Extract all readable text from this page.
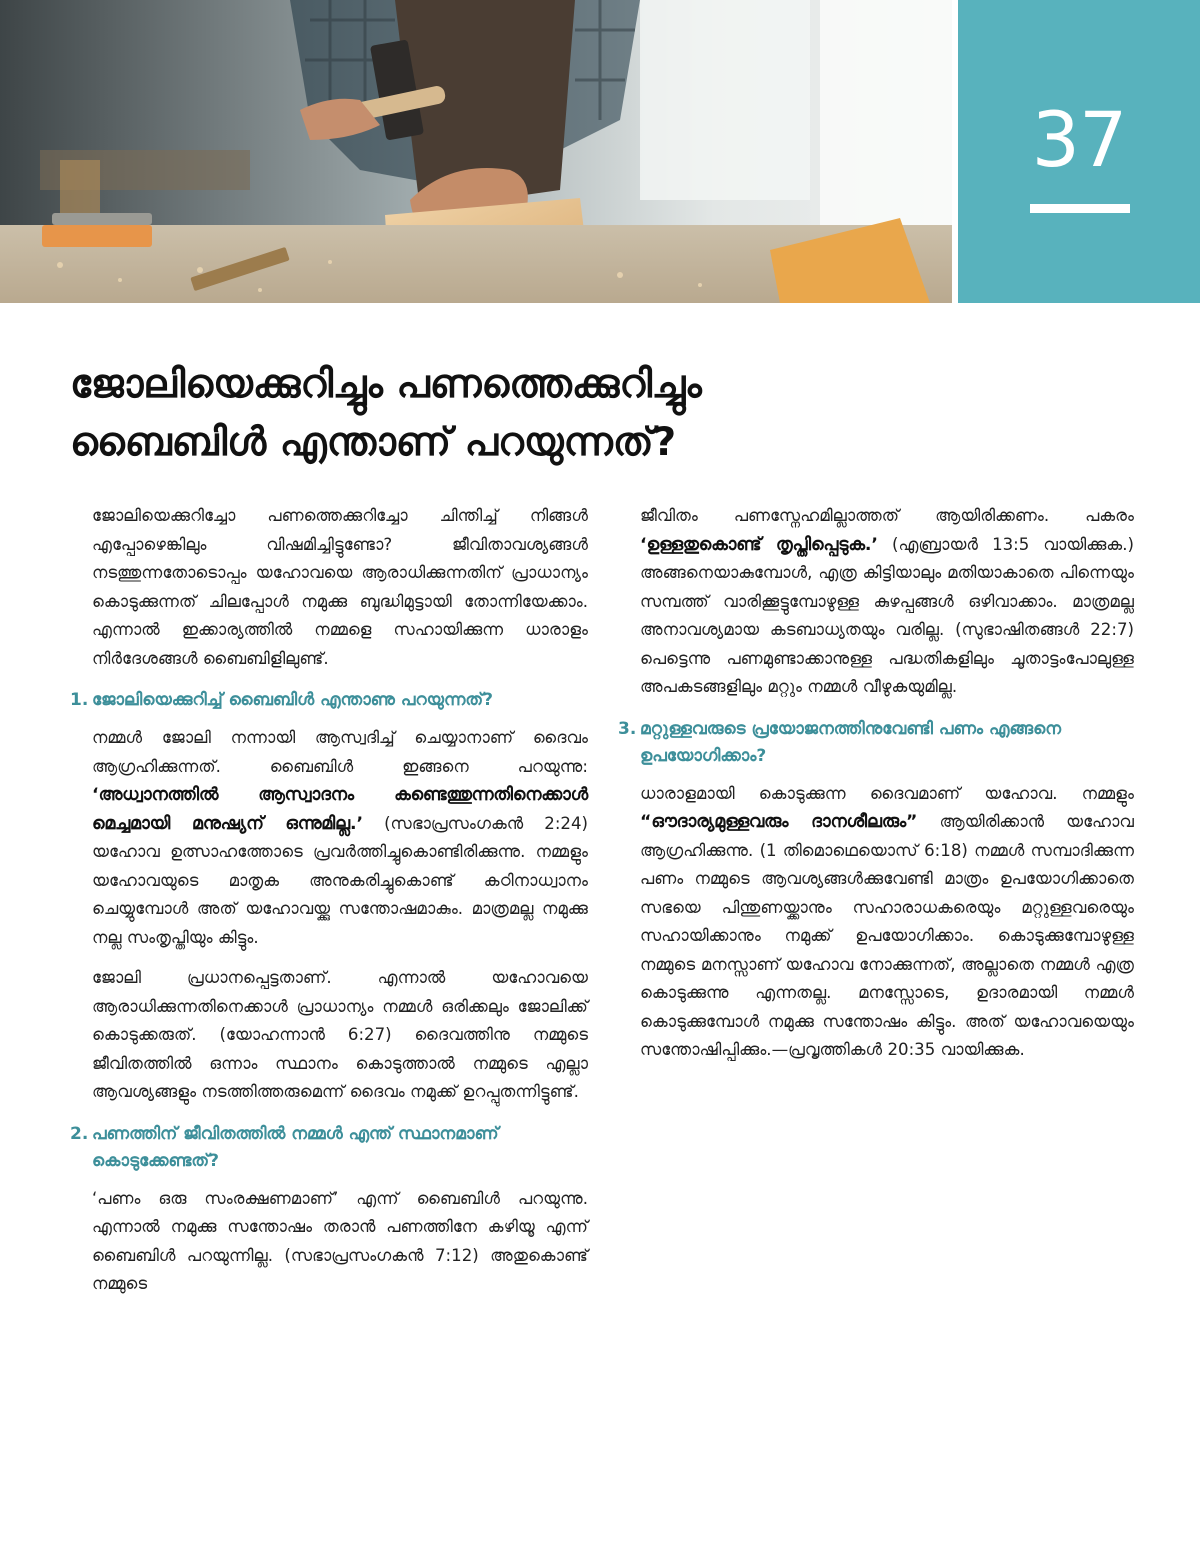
37
ജോലിയെക്കുറിച്ചും പണത്തെക്കുറിച്ചും
ബൈബിൾ എന്താണ് പറയുന്നത്?

ജോലിയെക്കുറിച്ചോ പണത്തെക്കുറിച്ചോ ചിന്തിച്ച് നിങ്ങൾ എപ്പോഴെങ്കിലും വിഷമിച്ചിട്ടുണ്ടോ? ജീവിതാവശ്യങ്ങൾ നടത്തുന്നതോടൊപ്പം യഹോവയെ ആരാധിക്കുന്നതിന് പ്രാധാന്യം കൊടുക്കുന്നത് ചിലപ്പോൾ നമുക്കു ബുദ്ധിമുട്ടായി തോന്നിയേക്കാം. എന്നാൽ ഇക്കാര്യത്തിൽ നമ്മളെ സഹായിക്കുന്ന ധാരാളം നിർദേശങ്ങൾ ബൈബിളിലുണ്ട്.

1. ജോലിയെക്കുറിച്ച് ബൈബിൾ എന്താണു പറയുന്നത്?

നമ്മൾ ജോലി നന്നായി ആസ്വദിച്ച് ചെയ്യാനാണ് ദൈവം ആഗ്രഹിക്കുന്നത്. ബൈബിൾ ഇങ്ങനെ പറയുന്നു: ‘അധ്വാനത്തിൽ ആസ്വാദനം കണ്ടെത്തുന്നതിനെക്കാൾ മെച്ചമായി മനുഷ്യന് ഒന്നുമില്ല.’ (സഭാപ്രസംഗകൻ 2:24) യഹോവ ഉത്സാഹത്തോടെ പ്രവർത്തിച്ചുകൊണ്ടിരിക്കുന്നു. നമ്മളും യഹോവയുടെ മാതൃക അനുകരിച്ചുകൊണ്ട് കഠിനാധ്വാനം ചെയ്യുമ്പോൾ അത് യഹോവയ്ക്കു സന്തോഷമാകും. മാത്രമല്ല നമുക്കു നല്ല സംതൃപ്തിയും കിട്ടും.

ജോലി പ്രധാനപ്പെട്ടതാണ്. എന്നാൽ യഹോവയെ ആരാധിക്കുന്നതിനെക്കാൾ പ്രാധാന്യം നമ്മൾ ഒരിക്കലും ജോലിക്ക് കൊടുക്കരുത്. (യോഹന്നാൻ 6:27) ദൈവത്തിനു നമ്മുടെ ജീവിതത്തിൽ ഒന്നാം സ്ഥാനം കൊടുത്താൽ നമ്മുടെ എല്ലാ ആവശ്യങ്ങളും നടത്തിത്തരുമെന്ന് ദൈവം നമുക്ക് ഉറപ്പുതന്നിട്ടുണ്ട്.

2. പണത്തിന് ജീവിതത്തിൽ നമ്മൾ എന്ത് സ്ഥാനമാണ് കൊടുക്കേണ്ടത്?

‘പണം ഒരു സംരക്ഷണമാണ്’ എന്ന് ബൈബിൾ പറയുന്നു. എന്നാൽ നമുക്കു സന്തോഷം തരാൻ പണത്തിനേ കഴിയൂ എന്ന് ബൈബിൾ പറയുന്നില്ല. (സഭാപ്രസംഗകൻ 7:12) അതുകൊണ്ട് നമ്മുടെ

ജീവിതം പണസ്നേഹമില്ലാത്തത് ആയിരിക്കണം. പകരം ‘ഉള്ളതുകൊണ്ട് തൃപ്തിപ്പെടുക.’ (എബ്രായർ 13:5 വായിക്കുക.) അങ്ങനെയാകുമ്പോൾ, എത്ര കിട്ടിയാലും മതിയാകാതെ പിന്നെയും സമ്പത്ത് വാരിക്കൂട്ടുമ്പോഴുള്ള കുഴപ്പങ്ങൾ ഒഴിവാക്കാം. മാത്രമല്ല അനാവശ്യമായ കടബാധ്യതയും വരില്ല. (സുഭാഷിതങ്ങൾ 22:7) പെട്ടെന്നു പണമുണ്ടാക്കാനുള്ള പദ്ധതികളിലും ചൂതാട്ടംപോലുള്ള അപകടങ്ങളിലും മറ്റും നമ്മൾ വീഴുകയുമില്ല.

3. മറ്റുള്ളവരുടെ പ്രയോജനത്തിനുവേണ്ടി പണം എങ്ങനെ ഉപയോഗിക്കാം?

ധാരാളമായി കൊടുക്കുന്ന ദൈവമാണ് യഹോവ. നമ്മളും “ഔദാര്യമുള്ളവരും ദാനശീലരും” ആയിരിക്കാൻ യഹോവ ആഗ്രഹിക്കുന്നു. (1 തിമൊഥെയൊസ് 6:18) നമ്മൾ സമ്പാദിക്കുന്ന പണം നമ്മുടെ ആവശ്യങ്ങൾക്കുവേണ്ടി മാത്രം ഉപയോഗിക്കാതെ സഭയെ പിന്തുണയ്ക്കാനും സഹാരാധകരെയും മറ്റുള്ളവരെയും സഹായിക്കാനും നമുക്ക് ഉപയോഗിക്കാം. കൊടുക്കുമ്പോഴുള്ള നമ്മുടെ മനസ്സാണ് യഹോവ നോക്കുന്നത്, അല്ലാതെ നമ്മൾ എത്ര കൊടുക്കുന്നു എന്നതല്ല. മനസ്സോടെ, ഉദാരമായി നമ്മൾ കൊടുക്കുമ്പോൾ നമുക്കു സന്തോഷം കിട്ടും. അത് യഹോവയെയും സന്തോഷിപ്പിക്കും.—പ്രവൃത്തികൾ 20:35 വായിക്കുക.
